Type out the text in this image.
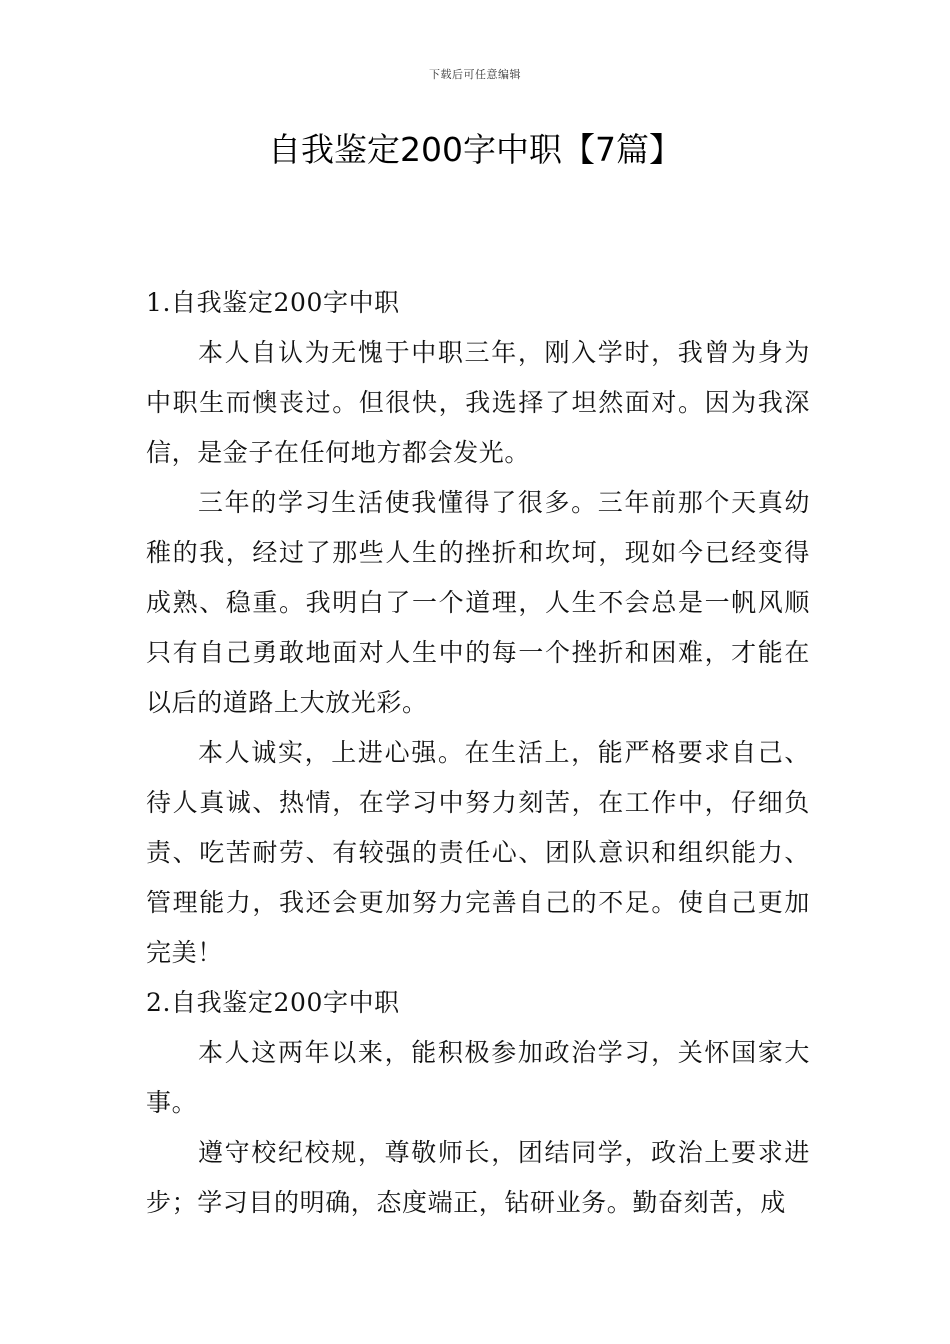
下载后可任意编辑
自我鉴定200字中职【7篇】

1.自我鉴定200字中职

本人自认为无愧于中职三年，刚入学时，我曾为身为中职生而懊丧过。但很快，我选择了坦然面对。因为我深信，是金子在任何地方都会发光。

三年的学习生活使我懂得了很多。三年前那个天真幼稚的我，经过了那些人生的挫折和坎坷，现如今已经变得成熟、稳重。我明白了一个道理，人生不会总是一帆风顺只有自己勇敢地面对人生中的每一个挫折和困难，才能在以后的道路上大放光彩。

本人诚实，上进心强。在生活上，能严格要求自己、待人真诚、热情，在学习中努力刻苦，在工作中，仔细负责、吃苦耐劳、有较强的责任心、团队意识和组织能力、管理能力，我还会更加努力完善自己的不足。使自己更加完美！

2.自我鉴定200字中职

本人这两年以来，能积极参加政治学习，关怀国家大事。

遵守校纪校规，尊敬师长，团结同学，政治上要求进步；学习目的明确，态度端正，钻研业务。勤奋刻苦，成
